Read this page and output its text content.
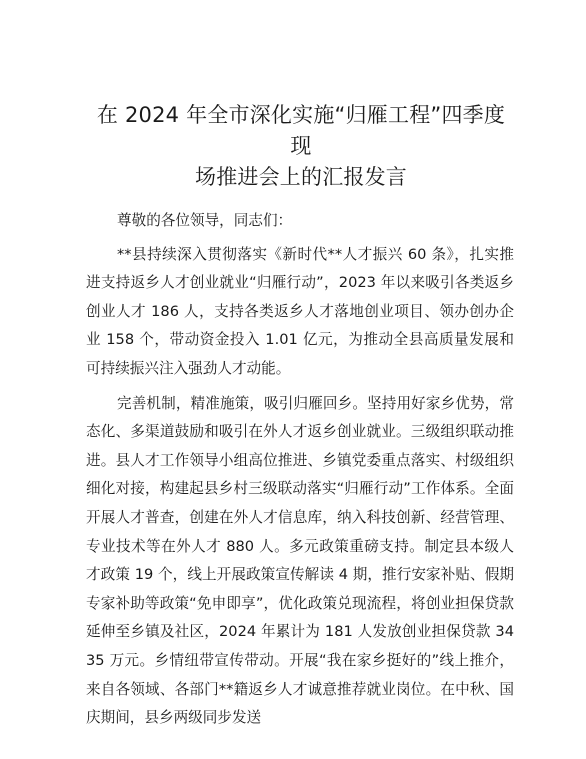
在 2024 年全市深化实施“归雁工程”四季度现
场推进会上的汇报发言

尊敬的各位领导，同志们：

**县持续深入贯彻落实《新时代**人才振兴 60 条》，扎实推进支持返乡人才创业就业“归雁行动”，2023 年以来吸引各类返乡创业人才 186 人，支持各类返乡人才落地创业项目、领办创办企业 158 个，带动资金投入 1.01 亿元，为推动全县高质量发展和可持续振兴注入强劲人才动能。

完善机制，精准施策，吸引归雁回乡。坚持用好家乡优势，常态化、多渠道鼓励和吸引在外人才返乡创业就业。三级组织联动推进。县人才工作领导小组高位推进、乡镇党委重点落实、村级组织细化对接，构建起县乡村三级联动落实“归雁行动”工作体系。全面开展人才普查，创建在外人才信息库，纳入科技创新、经营管理、专业技术等在外人才 880 人。多元政策重磅支持。制定县本级人才政策 19 个，线上开展政策宣传解读 4 期，推行安家补贴、假期专家补助等政策“免申即享”，优化政策兑现流程，将创业担保贷款延伸至乡镇及社区，2024 年累计为 181 人发放创业担保贷款 3435 万元。乡情纽带宣传带动。开展“我在家乡挺好的”线上推介，来自各领域、各部门**籍返乡人才诚意推荐就业岗位。在中秋、国庆期间，县乡两级同步发送
